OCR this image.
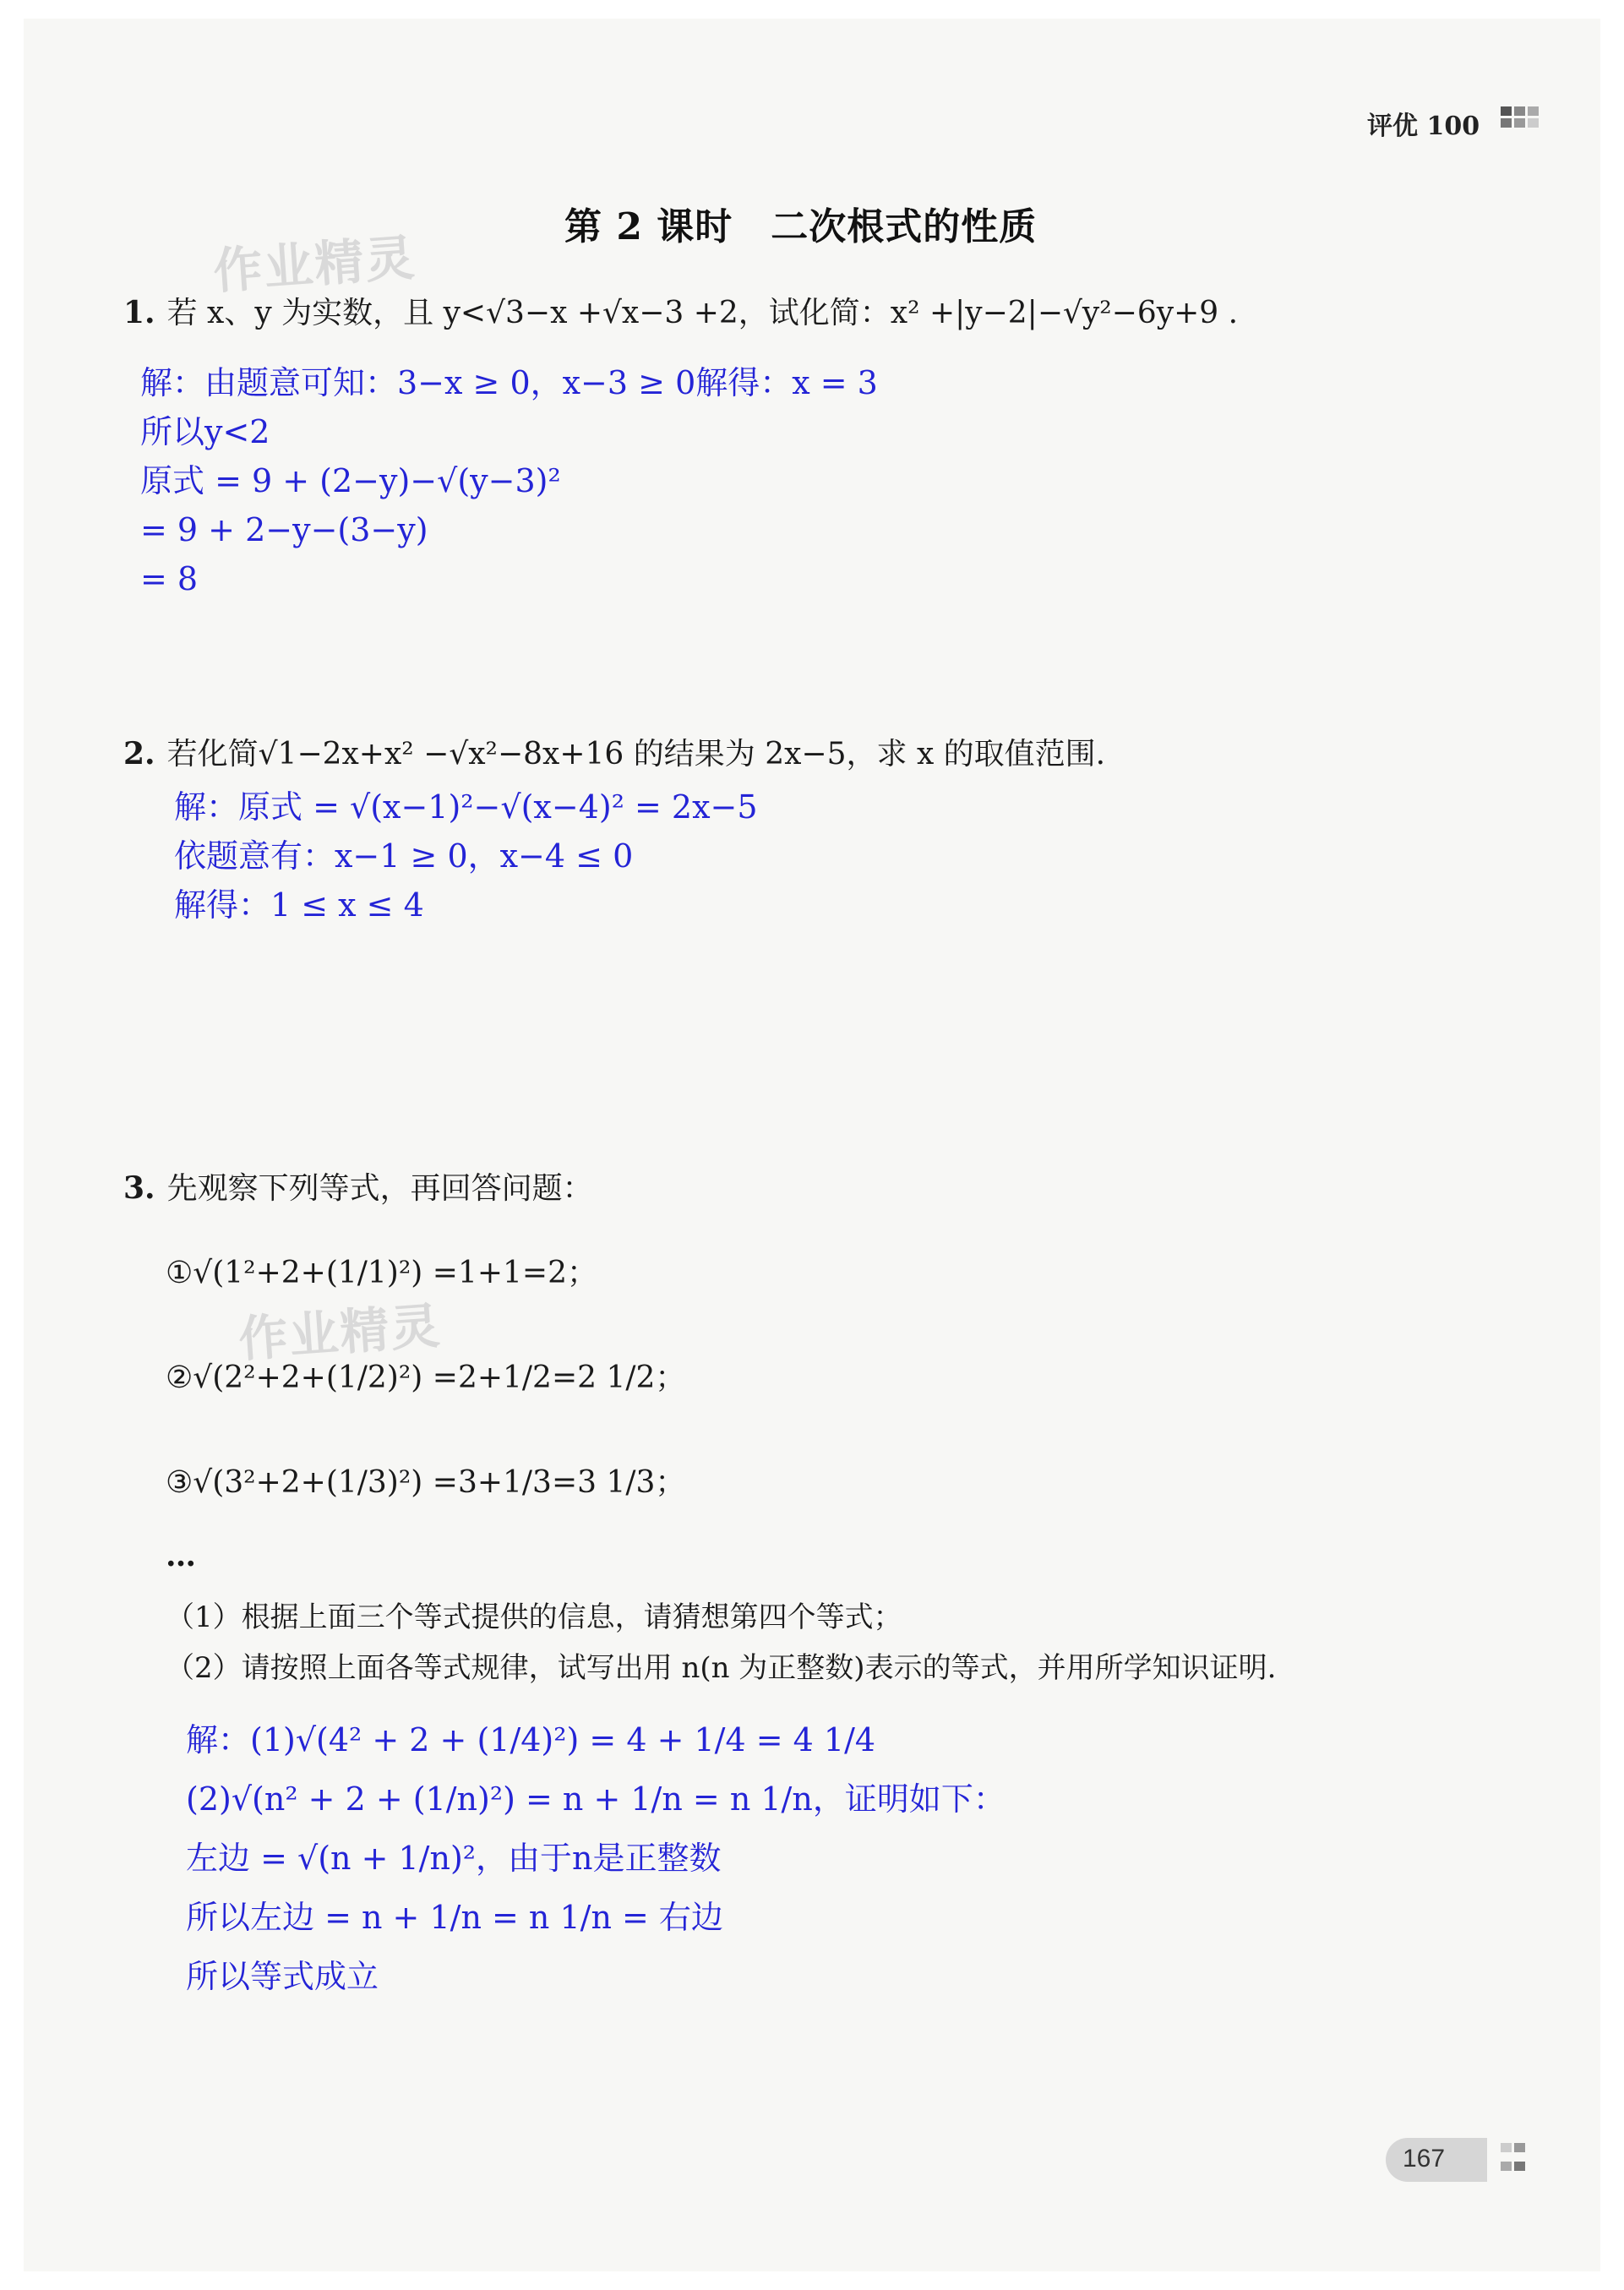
评优 100
第 2 课时　二次根式的性质
作业精灵
作业精灵
1. 若 x、y 为实数，且 y<√3−x +√x−3 +2，试化简：x² +|y−2|−√y²−6y+9 .
解：由题意可知：3−x ≥ 0，x−3 ≥ 0解得：x = 3
所以y<2
原式 = 9 + (2−y)−√(y−3)²
= 9 + 2−y−(3−y)
= 8
2. 若化简√1−2x+x² −√x²−8x+16 的结果为 2x−5，求 x 的取值范围.
解：原式 = √(x−1)²−√(x−4)² = 2x−5
依题意有：x−1 ≥ 0，x−4 ≤ 0
解得：1 ≤ x ≤ 4
3. 先观察下列等式，再回答问题：
①√(1²+2+(1/1)²) =1+1=2；
②√(2²+2+(1/2)²) =2+1/2=2 1/2；
③√(3²+2+(1/3)²) =3+1/3=3 1/3；
…
（1）根据上面三个等式提供的信息，请猜想第四个等式；
（2）请按照上面各等式规律，试写出用 n(n 为正整数)表示的等式，并用所学知识证明.
解：(1)√(4² + 2 + (1/4)²) = 4 + 1/4 = 4 1/4
(2)√(n² + 2 + (1/n)²) = n + 1/n = n 1/n，证明如下：
左边 = √(n + 1/n)²，由于n是正整数
所以左边 = n + 1/n = n 1/n = 右边
所以等式成立
167
